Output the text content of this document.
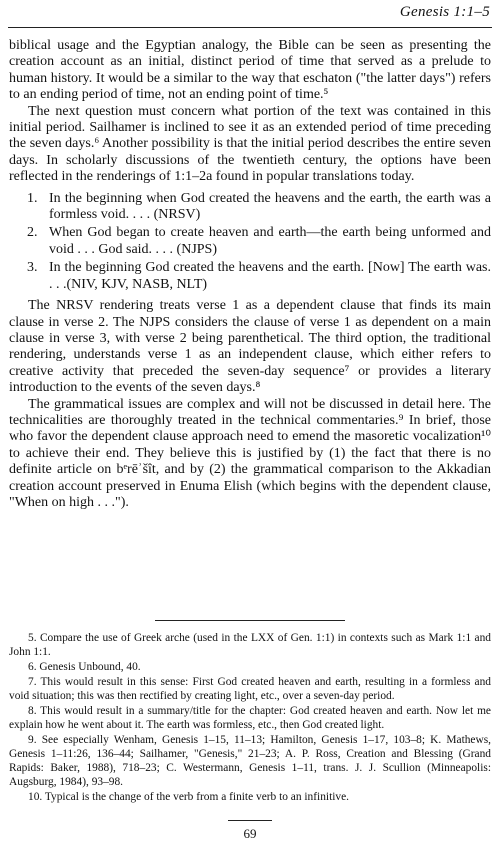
Genesis 1:1–5

biblical usage and the Egyptian analogy, the Bible can be seen as presenting the creation account as an initial, distinct period of time that served as a prelude to human history. It would be a similar to the way that eschaton ("the latter days") refers to an ending period of time, not an ending point of time.⁵

The next question must concern what portion of the text was contained in this initial period. Sailhamer is inclined to see it as an extended period of time preceding the seven days.⁶ Another possibility is that the initial period describes the entire seven days. In scholarly discussions of the twentieth century, the options have been reflected in the renderings of 1:1–2a found in popular translations today.

1. In the beginning when God created the heavens and the earth, the earth was a formless void. . . . (NRSV)
2. When God began to create heaven and earth—the earth being unformed and void . . . God said. . . . (NJPS)
3. In the beginning God created the heavens and the earth. [Now] The earth was. . . .(NIV, KJV, NASB, NLT)

The NRSV rendering treats verse 1 as a dependent clause that finds its main clause in verse 2. The NJPS considers the clause of verse 1 as dependent on a main clause in verse 3, with verse 2 being parenthetical. The third option, the traditional rendering, understands verse 1 as an independent clause, which either refers to creative activity that preceded the seven-day sequence⁷ or provides a literary introduction to the events of the seven days.⁸

The grammatical issues are complex and will not be discussed in detail here. The technicalities are thoroughly treated in the technical commentaries.⁹ In brief, those who favor the dependent clause approach need to emend the masoretic vocalization¹⁰ to achieve their end. They believe this is justified by (1) the fact that there is no definite article on bᵉrēʾšît, and by (2) the grammatical comparison to the Akkadian creation account preserved in Enuma Elish (which begins with the dependent clause, "When on high . . .").

5. Compare the use of Greek arche (used in the LXX of Gen. 1:1) in contexts such as Mark 1:1 and John 1:1.

6. Genesis Unbound, 40.

7. This would result in this sense: First God created heaven and earth, resulting in a formless and void situation; this was then rectified by creating light, etc., over a seven-day period.

8. This would result in a summary/title for the chapter: God created heaven and earth. Now let me explain how he went about it. The earth was formless, etc., then God created light.

9. See especially Wenham, Genesis 1–15, 11–13; Hamilton, Genesis 1–17, 103–8; K. Mathews, Genesis 1–11:26, 136–44; Sailhamer, "Genesis," 21–23; A. P. Ross, Creation and Blessing (Grand Rapids: Baker, 1988), 718–23; C. Westermann, Genesis 1–11, trans. J. J. Scullion (Minneapolis: Augsburg, 1984), 93–98.

10. Typical is the change of the verb from a finite verb to an infinitive.

69
